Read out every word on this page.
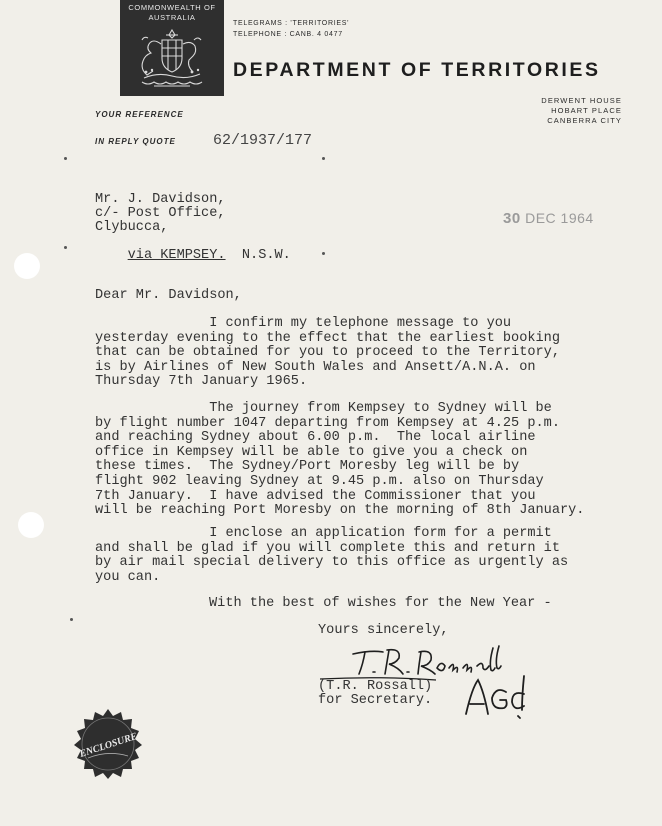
COMMONWEALTH OF
AUSTRALIA
TELEGRAMS : 'TERRITORIES'
TELEPHONE : CANB. 4 0477
DEPARTMENT OF TERRITORIES
DERWENT HOUSE
HOBART PLACE
CANBERRA CITY
YOUR REFERENCE
IN REPLY QUOTE 62/1937/177
30 DEC 1964
Mr. J. Davidson,
c/- Post Office,
Clybucca,

via KEMPSEY. N.S.W.

Dear Mr. Davidson,
I confirm my telephone message to you
yesterday evening to the effect that the earliest booking
that can be obtained for you to proceed to the Territory,
is by Airlines of New South Wales and Ansett/A.N.A. on
Thursday 7th January 1965.
The journey from Kempsey to Sydney will be
by flight number 1047 departing from Kempsey at 4.25 p.m.
and reaching Sydney about 6.00 p.m.  The local airline
office in Kempsey will be able to give you a check on
these times.  The Sydney/Port Moresby leg will be by
flight 902 leaving Sydney at 9.45 p.m. also on Thursday
7th January.  I have advised the Commissioner that you
will be reaching Port Moresby on the morning of 8th January.
I enclose an application form for a permit
and shall be glad if you will complete this and return it
by air mail special delivery to this office as urgently as
you can.
With the best of wishes for the New Year -
Yours sincerely,
(T.R. Rossall)
for Secretary.
ENCLOSURE
